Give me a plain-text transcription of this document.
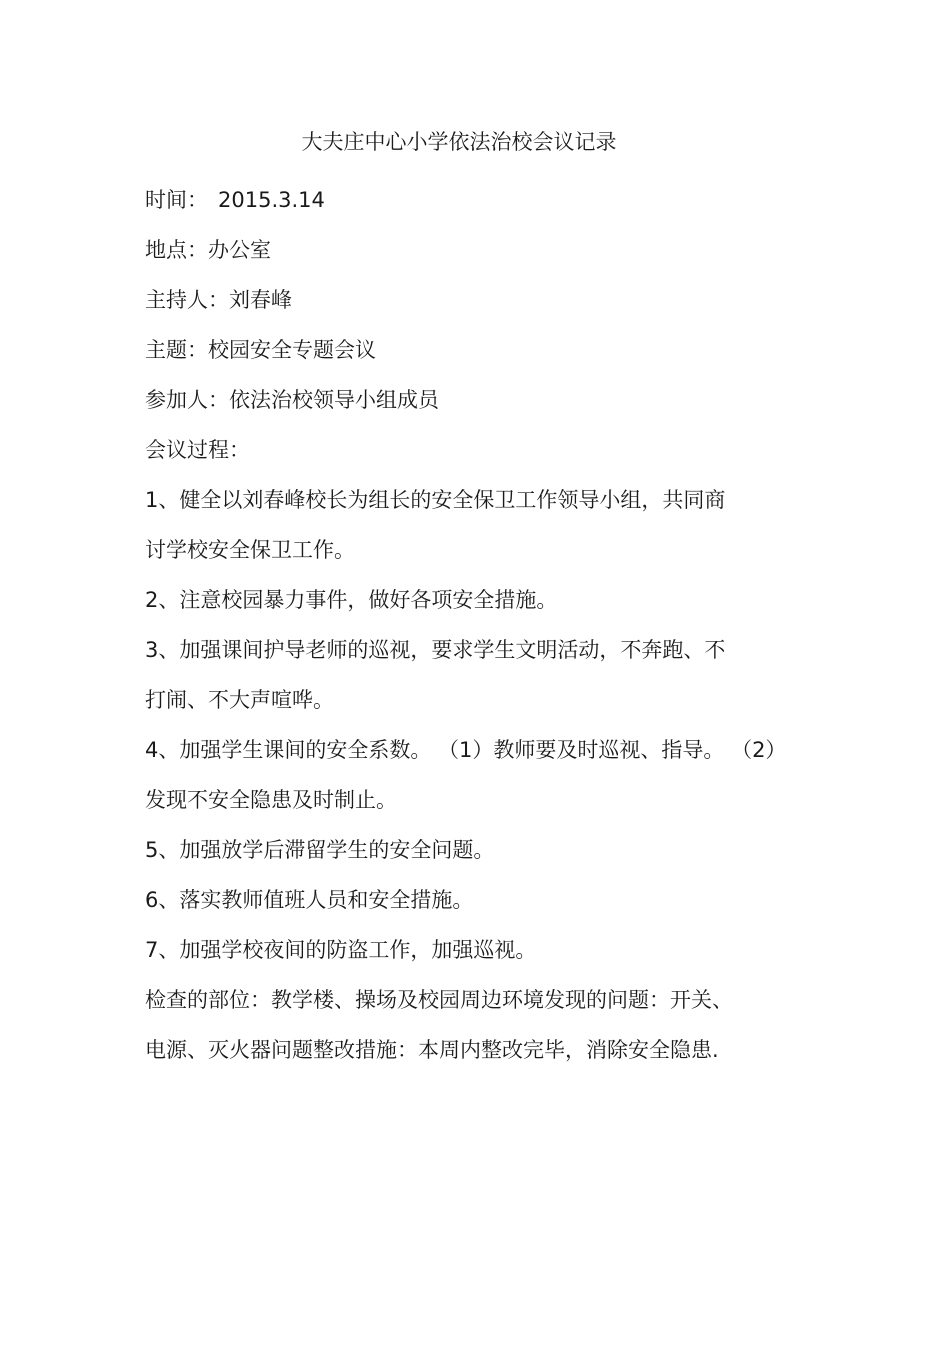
大夫庄中心小学依法治校会议记录
时间： 2015.3.14
地点：办公室
主持人：刘春峰
主题：校园安全专题会议
参加人：依法治校领导小组成员
会议过程：
1、健全以刘春峰校长为组长的安全保卫工作领导小组，共同商
讨学校安全保卫工作。
2、注意校园暴力事件，做好各项安全措施。
3、加强课间护导老师的巡视，要求学生文明活动，不奔跑、不
打闹、不大声喧哗。
4、加强学生课间的安全系数。 （1）教师要及时巡视、指导。 （2）
发现不安全隐患及时制止。
5、加强放学后滞留学生的安全问题。
6、落实教师值班人员和安全措施。
7、加强学校夜间的防盗工作，加强巡视。
检查的部位：教学楼、操场及校园周边环境发现的问题：开关、
电源、灭火器问题整改措施：本周内整改完毕，消除安全隐患.
